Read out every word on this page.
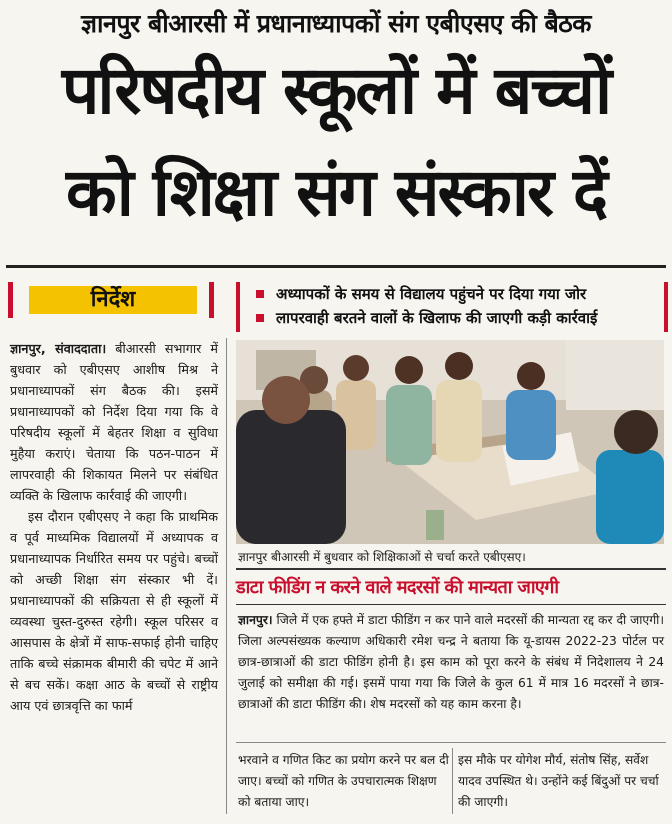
ज्ञानपुर बीआरसी में प्रधानाध्यापकों संग एबीएसए की बैठक
परिषदीय स्कूलों में बच्चों
को शिक्षा संग संस्कार दें
निर्देश	अध्यापकों के समय से विद्यालय पहुंचने पर दिया गया जोर
लापरवाही बरतने वालों के खिलाफ की जाएगी कड़ी कार्रवाई

ज्ञानपुर, संवाददाता। बीआरसी सभागार में बुधवार को एबीएसए आशीष मिश्र ने प्रधानाध्यापकों संग बैठक की। इसमें प्रधानाध्यापकों को निर्देश दिया गया कि वे परिषदीय स्कूलों में बेहतर शिक्षा व सुविधा मुहैया कराएं। चेताया कि पठन-पाठन में लापरवाही की शिकायत मिलने पर संबंधित व्यक्ति के खिलाफ कार्रवाई की जाएगी।

इस दौरान एबीएसए ने कहा कि प्राथमिक व पूर्व माध्यमिक विद्यालयों में अध्यापक व प्रधानाध्यापक निर्धारित समय पर पहुंचे। बच्चों को अच्छी शिक्षा संग संस्कार भी दें। प्रधानाध्यापकों की सक्रियता से ही स्कूलों में व्यवस्था चुस्त-दुरुस्त रहेगी। स्कूल परिसर व आसपास के क्षेत्रों में साफ-सफाई होनी चाहिए ताकि बच्चे संक्रामक बीमारी की चपेट में आने से बच सकें। कक्षा आठ के बच्चों से राष्ट्रीय आय एवं छात्रवृत्ति का फार्म

ज्ञानपुर बीआरसी में बुधवार को शिक्षिकाओं से चर्चा करते एबीएसए।
डाटा फीडिंग न करने वाले मदरसों की मान्यता जाएगी
ज्ञानपुर। जिले में एक हफ्ते में डाटा फीडिंग न कर पाने वाले मदरसों की मान्यता रद्द कर दी जाएगी। जिला अल्पसंख्यक कल्याण अधिकारी रमेश चन्द्र ने बताया कि यू-डायस 2022-23 पोर्टल पर छात्र-छात्राओं की डाटा फीडिंग होनी है। इस काम को पूरा करने के संबंध में निदेशालय ने 24 जुलाई को समीक्षा की गई। इसमें पाया गया कि जिले के कुल 61 में मात्र 16 मदरसों ने छात्र-छात्राओं की डाटा फीडिंग की। शेष मदरसों को यह काम करना है।
भरवाने व गणित किट का प्रयोग करने पर बल दी जाए। बच्चों को गणित के उपचारात्मक शिक्षण को बताया जाए।
इस मौके पर योगेश मौर्य, संतोष सिंह, सर्वेश यादव उपस्थित थे। उन्होंने कई बिंदुओं पर चर्चा की जाएगी।
